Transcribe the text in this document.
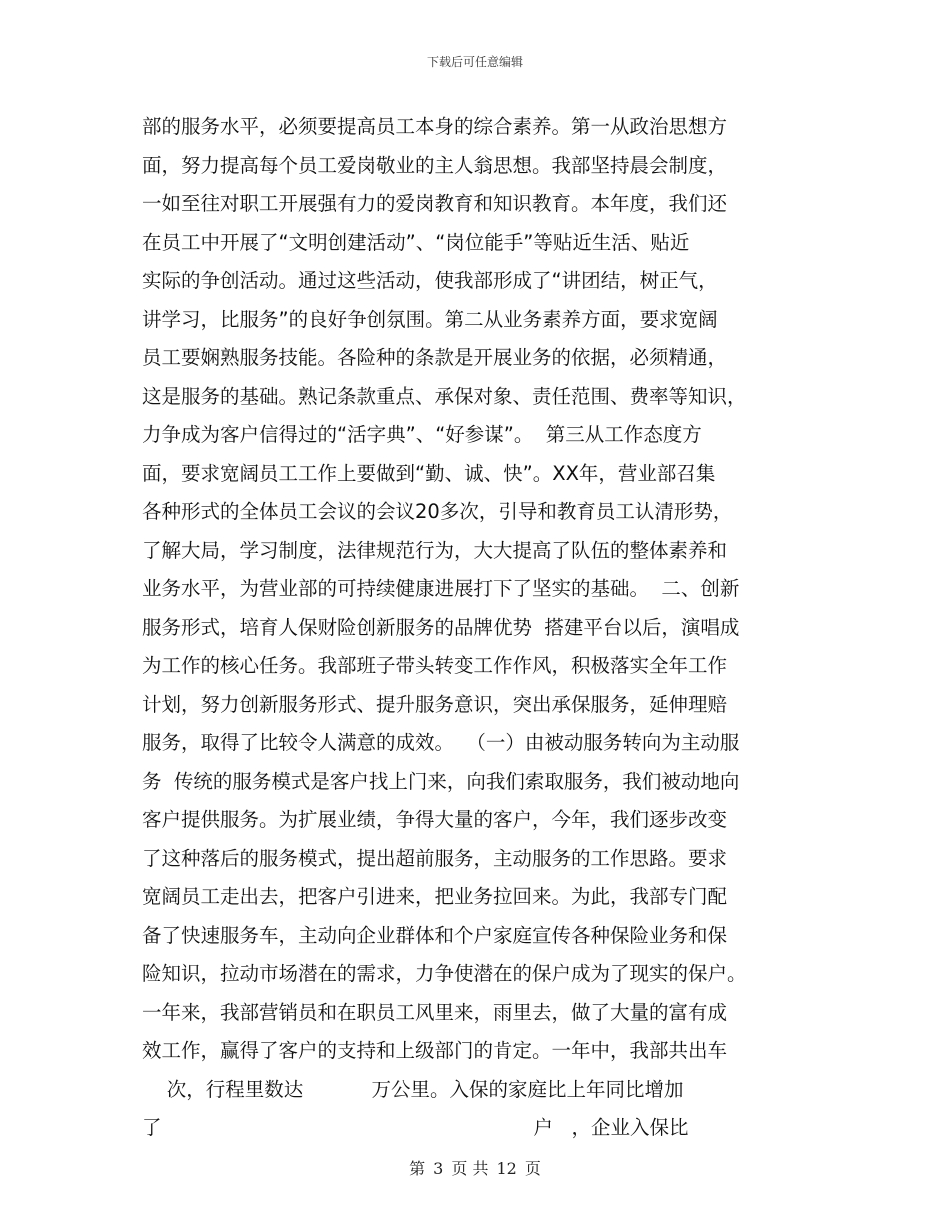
下载后可任意编辑
部的服务水平，必须要提高员工本身的综合素养。第一从政治思想方
面，努力提高每个员工爱岗敬业的主人翁思想。我部坚持晨会制度，
一如至往对职工开展强有力的爱岗教育和知识教育。本年度，我们还
在员工中开展了“文明创建活动”、“岗位能手”等贴近生活、贴近
实际的争创活动。通过这些活动，使我部形成了“讲团结，树正气，
讲学习，比服务”的良好争创氛围。第二从业务素养方面，要求宽阔
员工要娴熟服务技能。各险种的条款是开展业务的依据，必须精通，
这是服务的基础。熟记条款重点、承保对象、责任范围、费率等知识，
力争成为客户信得过的“活字典”、“好参谋”。  第三从工作态度方
面，要求宽阔员工工作上要做到“勤、诚、快”。XX年，营业部召集
各种形式的全体员工会议的会议20多次，引导和教育员工认清形势，
了解大局，学习制度，法律规范行为，大大提高了队伍的整体素养和
业务水平，为营业部的可持续健康进展打下了坚实的基础。  二、创新
服务形式，培育人保财险创新服务的品牌优势  搭建平台以后，演唱成
为工作的核心任务。我部班子带头转变工作作风，积极落实全年工作
计划，努力创新服务形式、提升服务意识，突出承保服务，延伸理赔
服务，取得了比较令人满意的成效。  （一）由被动服务转向为主动服
务  传统的服务模式是客户找上门来，向我们索取服务，我们被动地向
客户提供服务。为扩展业绩，争得大量的客户，今年，我们逐步改变
了这种落后的服务模式，提出超前服务，主动服务的工作思路。要求
宽阔员工走出去，把客户引进来，把业务拉回来。为此，我部专门配
备了快速服务车，主动向企业群体和个户家庭宣传各种保险业务和保
险知识，拉动市场潜在的需求，力争使潜在的保户成为了现实的保户。
一年来，我部营销员和在职员工风里来，雨里去，做了大量的富有成
效工作，赢得了客户的支持和上级部门的肯定。一年中，我部共出车
次，行程里数达           万公里。入保的家庭比上年同比增加
了                                                            户   ，企业入保比
第 3 页 共 12 页
